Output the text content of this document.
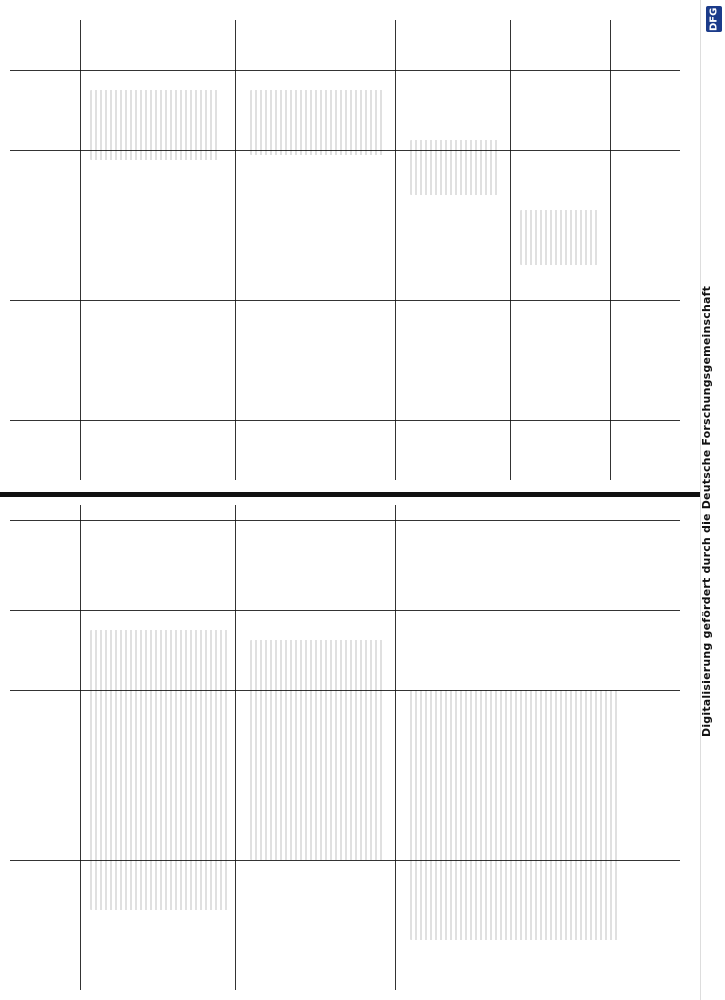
DFG
Digitalisierung gefördert durch die Deutsche Forschungsgemeinschaft
